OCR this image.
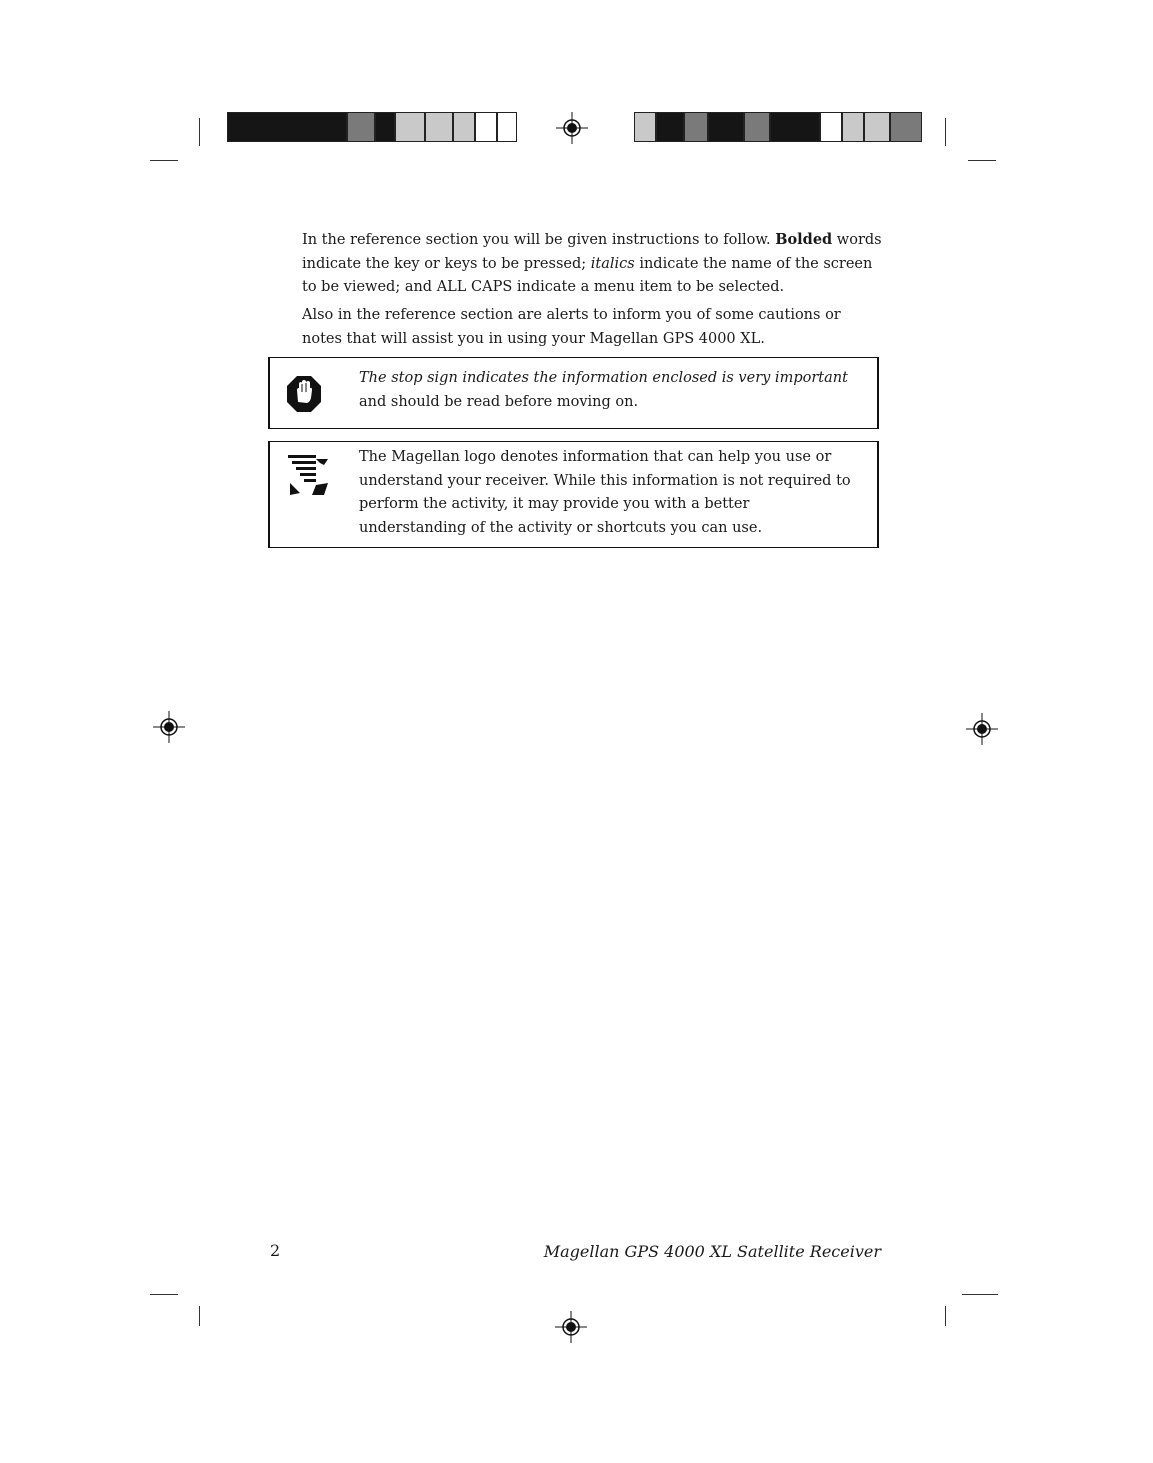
In the reference section you will be given instructions to follow. Bolded words indicate the key or keys to be pressed; italics indicate the name of the screen to be viewed; and ALL CAPS indicate a menu item to be selected.

Also in the reference section are alerts to inform you of some cautions or notes that will assist you in using your Magellan GPS 4000 XL.

The stop sign indicates the information enclosed is very important and should be read before moving on.

The Magellan logo denotes information that can help you use or understand your receiver. While this information is not required to perform the activity, it may provide you with a better understanding of the activity or shortcuts you can use.

2	Magellan GPS 4000 XL Satellite Receiver
